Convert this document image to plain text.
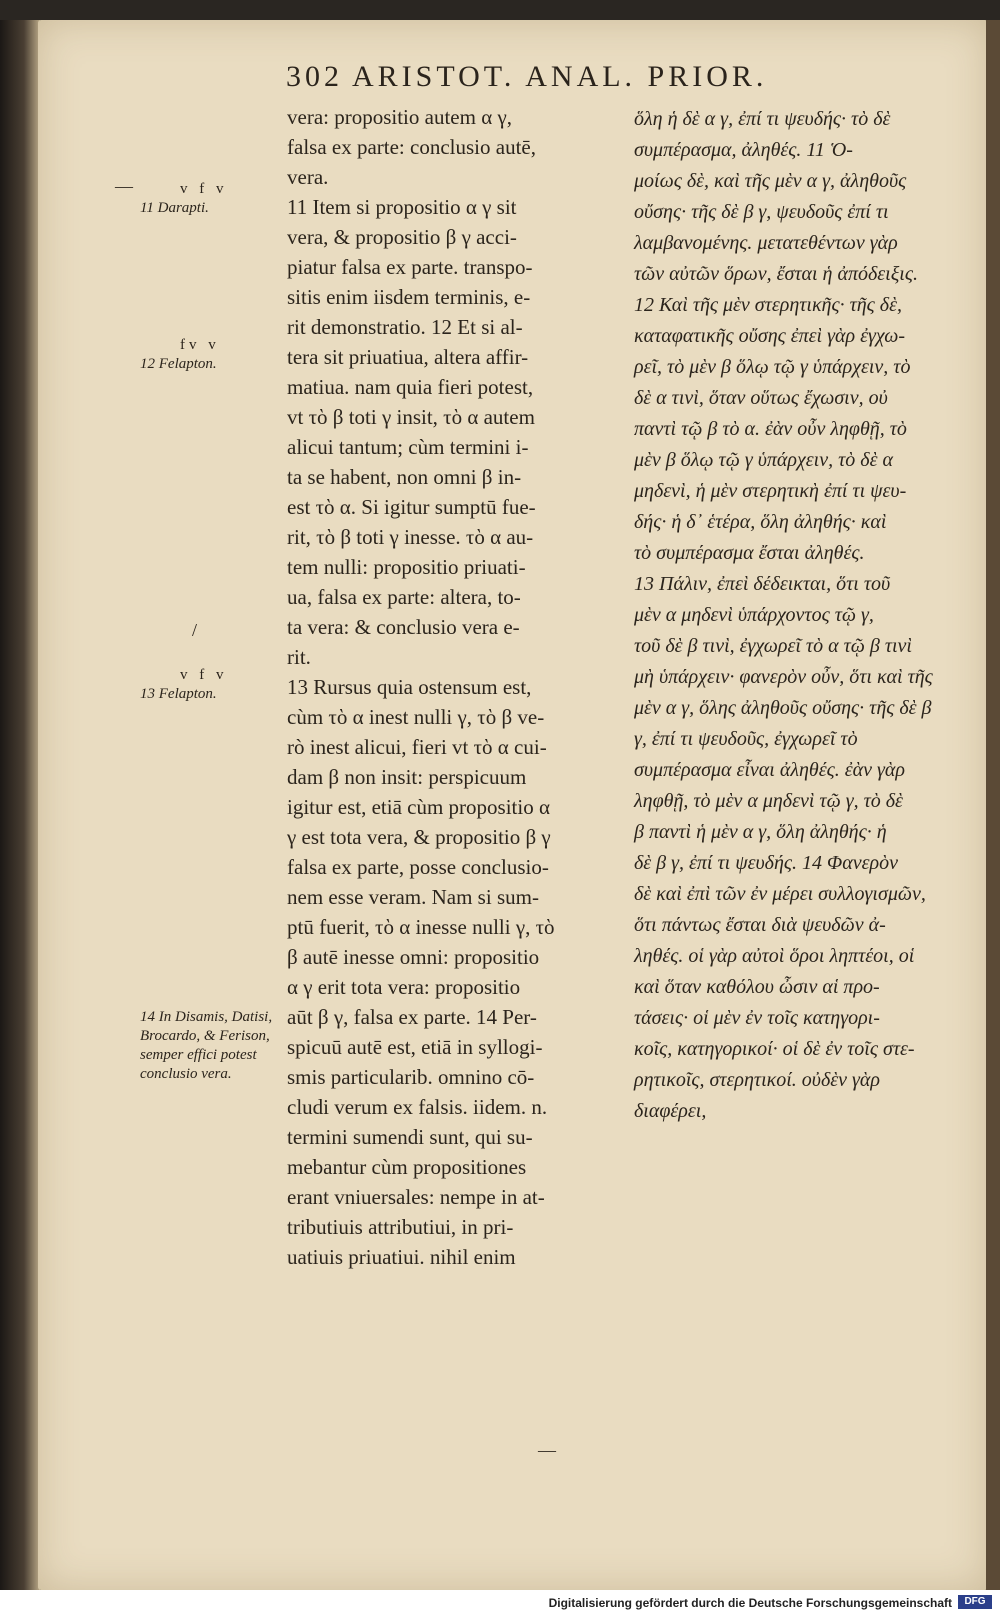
302 ARISTOT. ANAL. PRIOR.
v f v
11 Darapti.
fv v
12 Felapton.
v f v
13 Felapton.
14 In Disamis, Datisi, Brocardo, & Ferison, semper effici potest conclusio vera.
—
/
—

vera: propositio autem α γ,

falsa ex parte: conclusio autē,

vera.

11 Item si propositio α γ sit

vera, & propositio β γ acci-

piatur falsa ex parte. transpo-

sitis enim iisdem terminis, e-

rit demonstratio. 12 Et si al-

tera sit priuatiua, altera affir-

matiua. nam quia fieri potest,

vt τὸ β toti γ insit, τὸ α autem

alicui tantum; cùm termini i-

ta se habent, non omni β in-

est τὸ α. Si igitur sumptū fue-

rit, τὸ β toti γ inesse. τὸ α au-

tem nulli: propositio priuati-

ua, falsa ex parte: altera, to-

ta vera: & conclusio vera e-

rit.

13 Rursus quia ostensum est,

cùm τὸ α inest nulli γ, τὸ β ve-

rò inest alicui, fieri vt τὸ α cui-

dam β non insit: perspicuum

igitur est, etiā cùm propositio α

γ est tota vera, & propositio β γ

falsa ex parte, posse conclusio-

nem esse veram. Nam si sum-

ptū fuerit, τὸ α inesse nulli γ, τὸ

β autē inesse omni: propositio

α γ erit tota vera: propositio

aūt β γ, falsa ex parte. 14 Per-

spicuū autē est, etiā in syllogi-

smis particularib. omnino cō-

cludi verum ex falsis. iidem. n.

termini sumendi sunt, qui su-

mebantur cùm propositiones

erant vniuersales: nempe in at-

tributiuis attributiui, in pri-

uatiuis priuatiui. nihil enim

ὅλη ἡ δὲ α γ, ἐπί τι ψευδής· τὸ δὲ

συμπέρασμα, ἀληθές. 11 Ὁ-

μοίως δὲ, καὶ τῆς μὲν α γ, ἀληθοῦς

οὔσης· τῆς δὲ β γ, ψευδοῦς ἐπί τι

λαμβανομένης. μετατεθέντων γὰρ

τῶν αὐτῶν ὅρων, ἔσται ἡ ἀπόδειξις.

12 Καὶ τῆς μὲν στερητικῆς· τῆς δὲ,

καταφατικῆς οὔσης ἐπεὶ γὰρ ἐγχω-

ρεῖ, τὸ μὲν β ὅλῳ τῷ γ ὑπάρχειν, τὸ

δὲ α τινὶ, ὅταν οὕτως ἔχωσιν, οὐ

παντὶ τῷ β τὸ α. ἐὰν οὖν ληφθῇ, τὸ

μὲν β ὅλῳ τῷ γ ὑπάρχειν, τὸ δὲ α

μηδενὶ, ἡ μὲν στερητικὴ ἐπί τι ψευ-

δής· ἡ δ᾽ ἑτέρα, ὅλη ἀληθής· καὶ

τὸ συμπέρασμα ἔσται ἀληθές.

13 Πάλιν, ἐπεὶ δέδεικται, ὅτι τοῦ

μὲν α μηδενὶ ὑπάρχοντος τῷ γ,

τοῦ δὲ β τινὶ, ἐγχωρεῖ τὸ α τῷ β τινὶ

μὴ ὑπάρχειν· φανερὸν οὖν, ὅτι καὶ τῆς

μὲν α γ, ὅλης ἀληθοῦς οὔσης· τῆς δὲ β

γ, ἐπί τι ψευδοῦς, ἐγχωρεῖ τὸ

συμπέρασμα εἶναι ἀληθές. ἐὰν γὰρ

ληφθῇ, τὸ μὲν α μηδενὶ τῷ γ, τὸ δὲ

β παντὶ ἡ μὲν α γ, ὅλη ἀληθής· ἡ

δὲ β γ, ἐπί τι ψευδής. 14 Φανερὸν

δὲ καὶ ἐπὶ τῶν ἐν μέρει συλλογισμῶν,

ὅτι πάντως ἔσται διὰ ψευδῶν ἀ-

ληθές. οἱ γὰρ αὐτοὶ ὅροι ληπτέοι, οἱ

καὶ ὅταν καθόλου ὦσιν αἱ προ-

τάσεις· οἱ μὲν ἐν τοῖς κατηγορι-

κοῖς, κατηγορικοί· οἱ δὲ ἐν τοῖς στε-

ρητικοῖς, στερητικοί. οὐδὲν γὰρ

διαφέρει,

Digitalisierung gefördert durch die Deutsche Forschungsgemeinschaft	DFG
